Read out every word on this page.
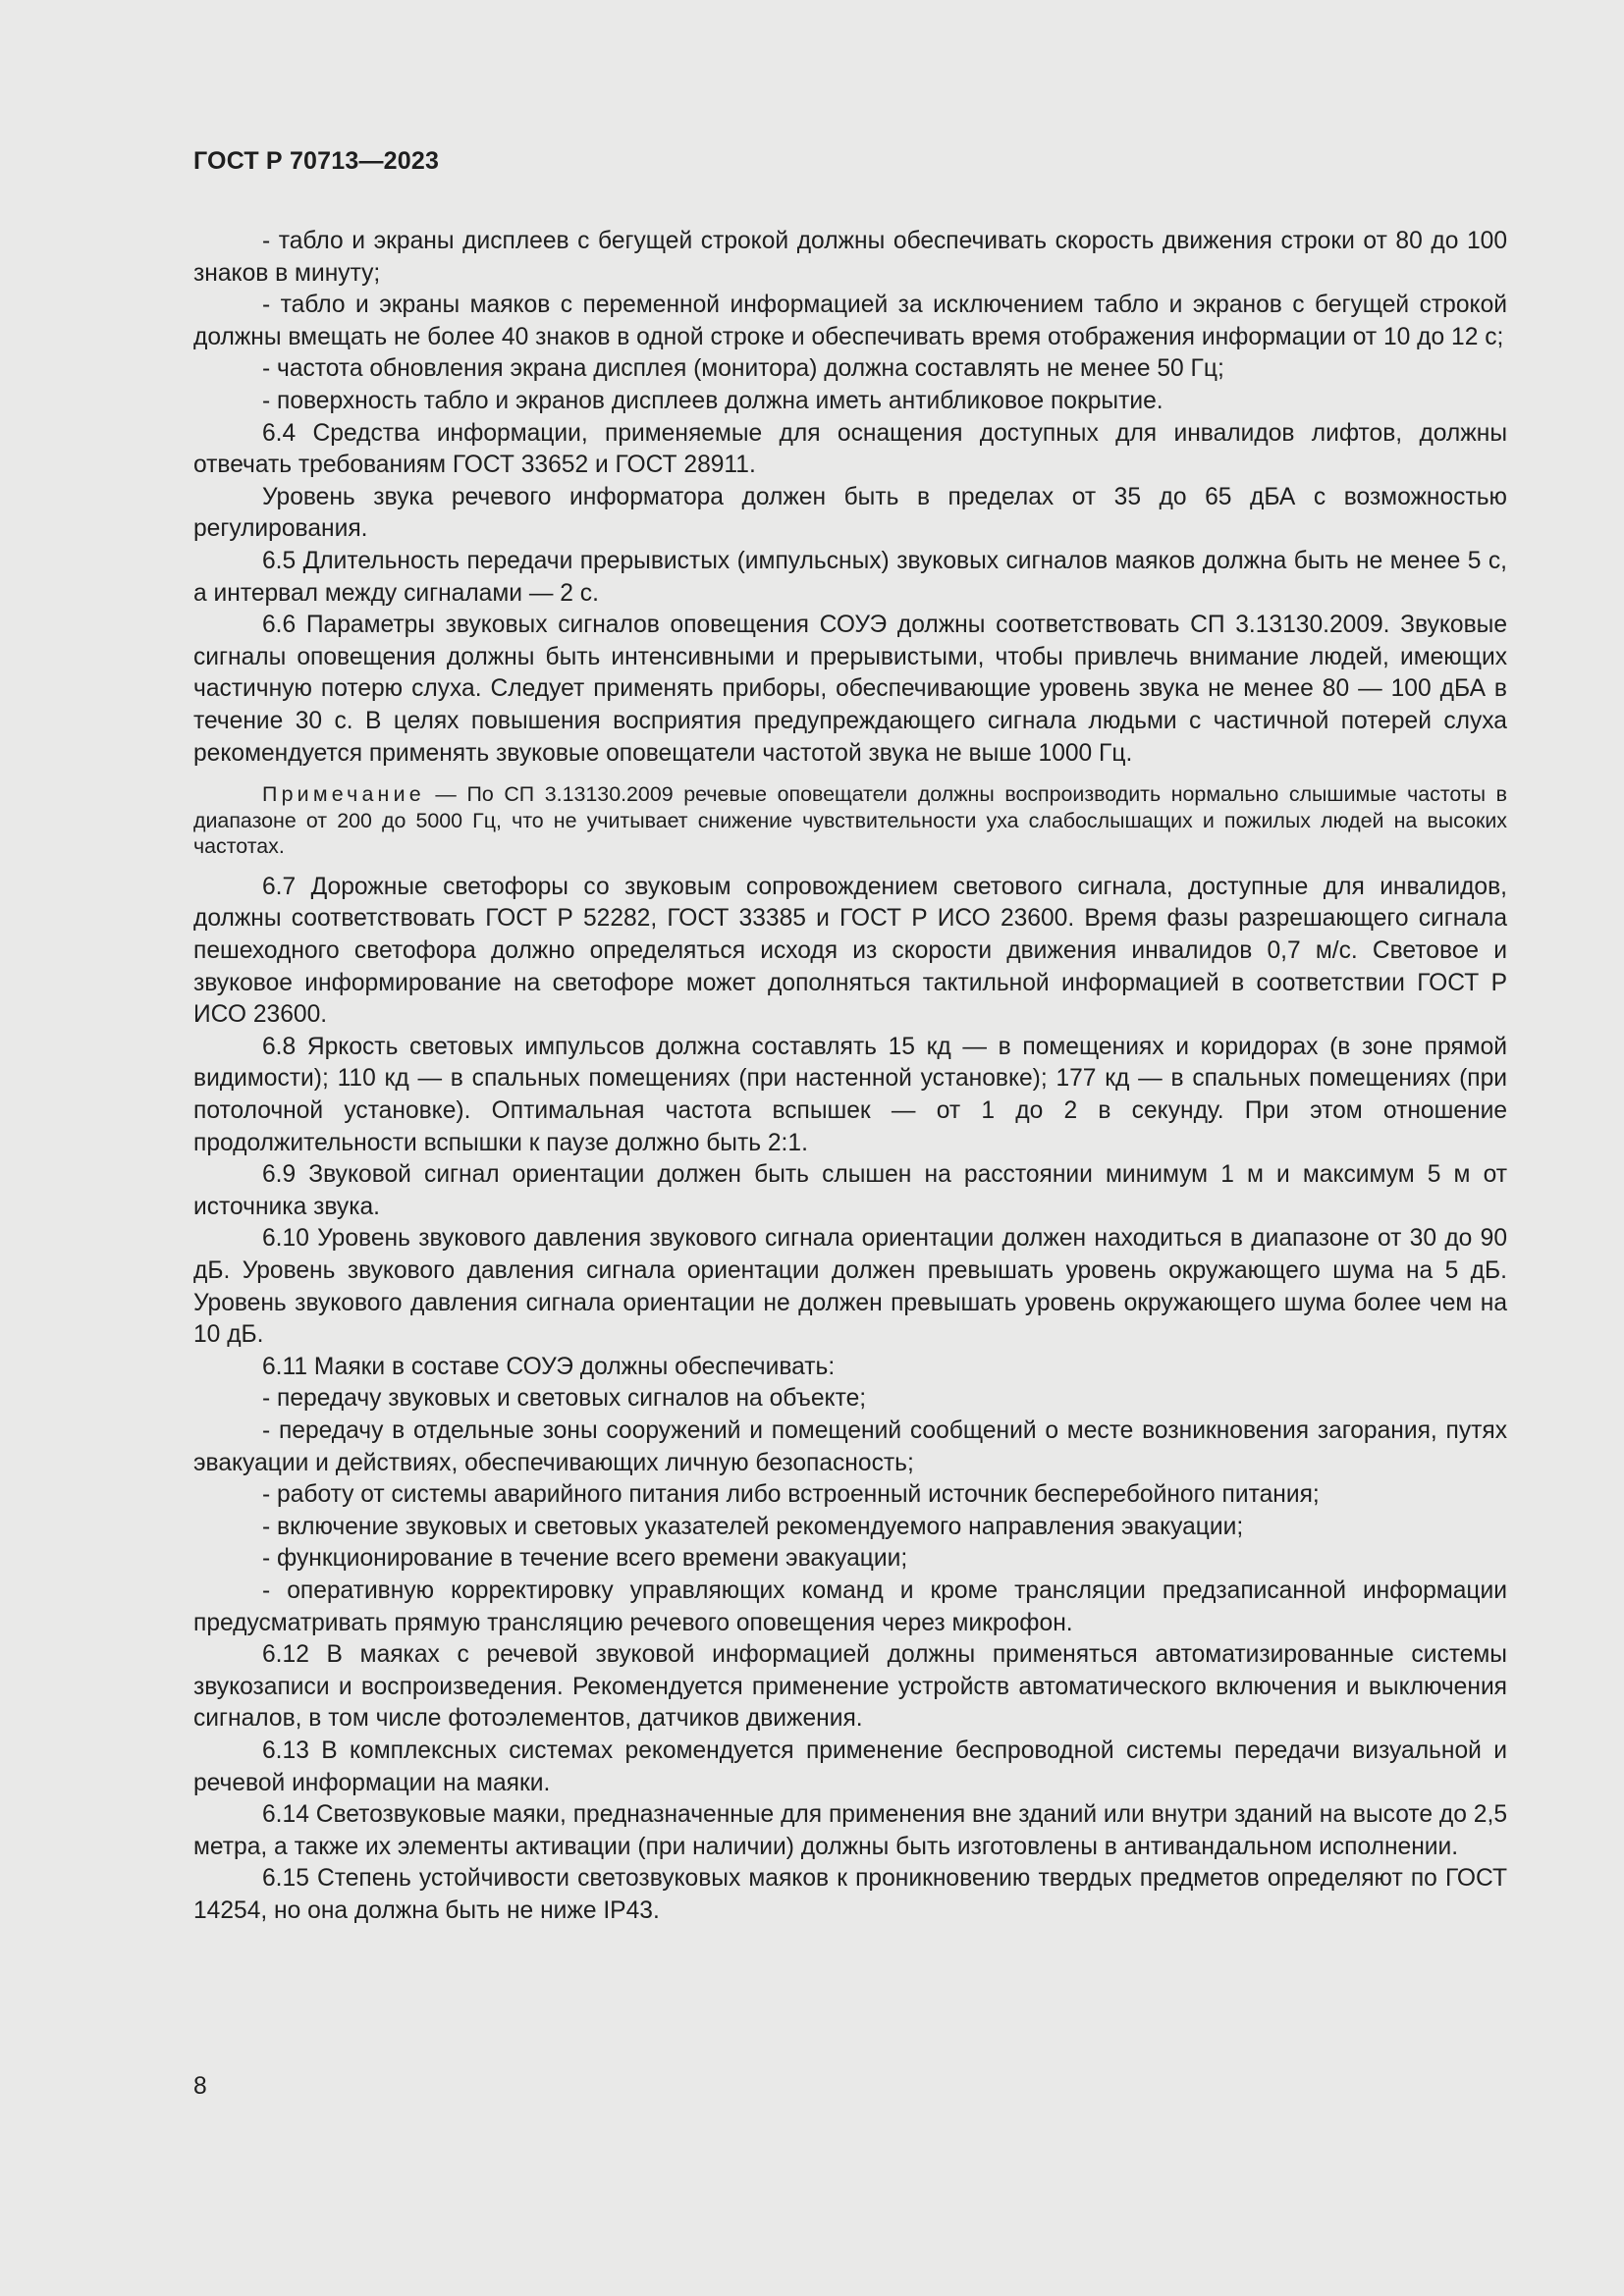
ГОСТ Р 70713—2023

- табло и экраны дисплеев с бегущей строкой должны обеспечивать скорость движения строки от 80 до 100 знаков в минуту;

- табло и экраны маяков с переменной информацией за исключением табло и экранов с бегущей строкой должны вмещать не более 40 знаков в одной строке и обеспечивать время отображения информации от 10 до 12 с;

- частота обновления экрана дисплея (монитора) должна составлять не менее 50 Гц;

- поверхность табло и экранов дисплеев должна иметь антибликовое покрытие.

6.4 Средства информации, применяемые для оснащения доступных для инвалидов лифтов, должны отвечать требованиям ГОСТ 33652 и ГОСТ 28911.

Уровень звука речевого информатора должен быть в пределах от 35 до 65 дБА с возможностью регулирования.

6.5 Длительность передачи прерывистых (импульсных) звуковых сигналов маяков должна быть не менее 5 с, а интервал между сигналами — 2 с.

6.6 Параметры звуковых сигналов оповещения СОУЭ должны соответствовать СП 3.13130.2009. Звуковые сигналы оповещения должны быть интенсивными и прерывистыми, чтобы привлечь внимание людей, имеющих частичную потерю слуха. Следует применять приборы, обеспечивающие уровень звука не менее 80 — 100 дБА в течение 30 с. В целях повышения восприятия предупреждающего сигнала людьми с частичной потерей слуха рекомендуется применять звуковые оповещатели частотой звука не выше 1000 Гц.

Примечание — По СП 3.13130.2009 речевые оповещатели должны воспроизводить нормально слышимые частоты в диапазоне от 200 до 5000 Гц, что не учитывает снижение чувствительности уха слабослышащих и пожилых людей на высоких частотах.

6.7 Дорожные светофоры со звуковым сопровождением светового сигнала, доступные для инвалидов, должны соответствовать ГОСТ Р 52282, ГОСТ 33385 и ГОСТ Р ИСО 23600. Время фазы разрешающего сигнала пешеходного светофора должно определяться исходя из скорости движения инвалидов 0,7 м/с. Световое и звуковое информирование на светофоре может дополняться тактильной информацией в соответствии ГОСТ Р ИСО 23600.

6.8 Яркость световых импульсов должна составлять 15 кд — в помещениях и коридорах (в зоне прямой видимости); 110 кд — в спальных помещениях (при настенной установке); 177 кд — в спальных помещениях (при потолочной установке). Оптимальная частота вспышек — от 1 до 2 в секунду. При этом отношение продолжительности вспышки к паузе должно быть 2:1.

6.9 Звуковой сигнал ориентации должен быть слышен на расстоянии минимум 1 м и максимум 5 м от источника звука.

6.10 Уровень звукового давления звукового сигнала ориентации должен находиться в диапазоне от 30 до 90 дБ. Уровень звукового давления сигнала ориентации должен превышать уровень окружающего шума на 5 дБ. Уровень звукового давления сигнала ориентации не должен превышать уровень окружающего шума более чем на 10 дБ.

6.11 Маяки в составе СОУЭ должны обеспечивать:

- передачу звуковых и световых сигналов на объекте;

- передачу в отдельные зоны сооружений и помещений сообщений о месте возникновения загорания, путях эвакуации и действиях, обеспечивающих личную безопасность;

- работу от системы аварийного питания либо встроенный источник бесперебойного питания;

- включение звуковых и световых указателей рекомендуемого направления эвакуации;

- функционирование в течение всего времени эвакуации;

- оперативную корректировку управляющих команд и кроме трансляции предзаписанной информации предусматривать прямую трансляцию речевого оповещения через микрофон.

6.12 В маяках с речевой звуковой информацией должны применяться автоматизированные системы звукозаписи и воспроизведения. Рекомендуется применение устройств автоматического включения и выключения сигналов, в том числе фотоэлементов, датчиков движения.

6.13 В комплексных системах рекомендуется применение беспроводной системы передачи визуальной и речевой информации на маяки.

6.14 Светозвуковые маяки, предназначенные для применения вне зданий или внутри зданий на высоте до 2,5 метра, а также их элементы активации (при наличии) должны быть изготовлены в антивандальном исполнении.

6.15 Степень устойчивости светозвуковых маяков к проникновению твердых предметов определяют по ГОСТ 14254, но она должна быть не ниже IP43.

8
